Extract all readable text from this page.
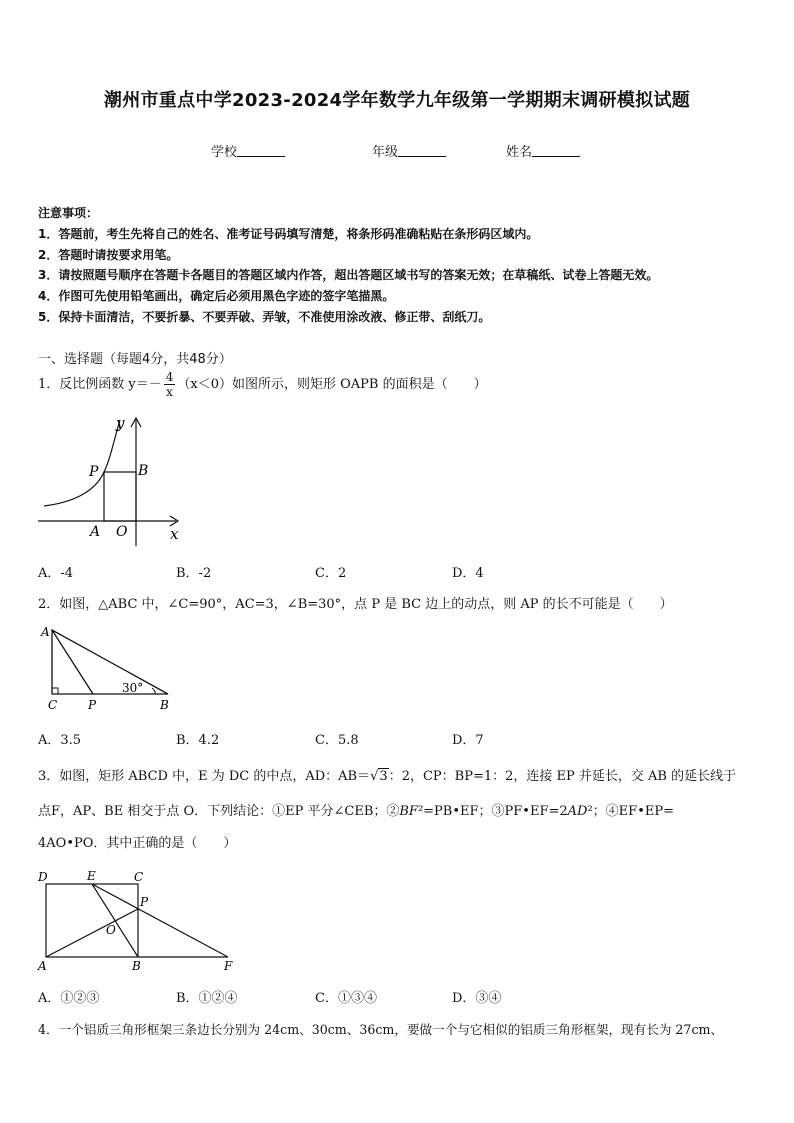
潮州市重点中学2023-2024学年数学九年级第一学期期末调研模拟试题
学校	年级	姓名
注意事项：
1．答题前，考生先将自己的姓名、准考证号码填写清楚，将条形码准确粘贴在条形码区域内。
2．答题时请按要求用笔。
3．请按照题号顺序在答题卡各题目的答题区域内作答，超出答题区域书写的答案无效；在草稿纸、试卷上答题无效。
4．作图可先使用铅笔画出，确定后必须用黑色字迹的签字笔描黑。
5．保持卡面清洁，不要折暴、不要弄破、弄皱，不准使用涂改液、修正带、刮纸刀。
一、选择题（每题4分，共48分）
1．反比例函数 $y=- \frac{4}{x} (x<0)$如图所示，则矩形 OAPB 的面积是（　　）
y
x
P	B
A O
A．-4	B．-2	C．2	D．4
2．如图，△ABC 中，∠C=90°，AC=3，∠B=30°，点 P 是 BC 边上的动点，则 AP 的长不可能是（　　）
A
C	P	B
30°
A．3.5	B．4.2	C．5.8	D．7
3．如图，矩形 ABCD 中，E 为 DC 的中点，AD：AB＝√3：2，CP：BP=1：2，连接 EP 并延长，交 AB 的延长线于
点F，AP、BE 相交于点 O．下列结论：①EP 平分∠CEB；②BF²=PB•EF；③PF•EF=2AD²；④EF•EP=
4AO•PO．其中正确的是（　　）
D	E	C
P
O
A	B	F
A．①②③	B．①②④	C．①③④	D．③④
4．一个铝质三角形框架三条边长分别为 24cm、30cm、36cm，要做一个与它相似的铝质三角形框架，现有长为 27cm、
